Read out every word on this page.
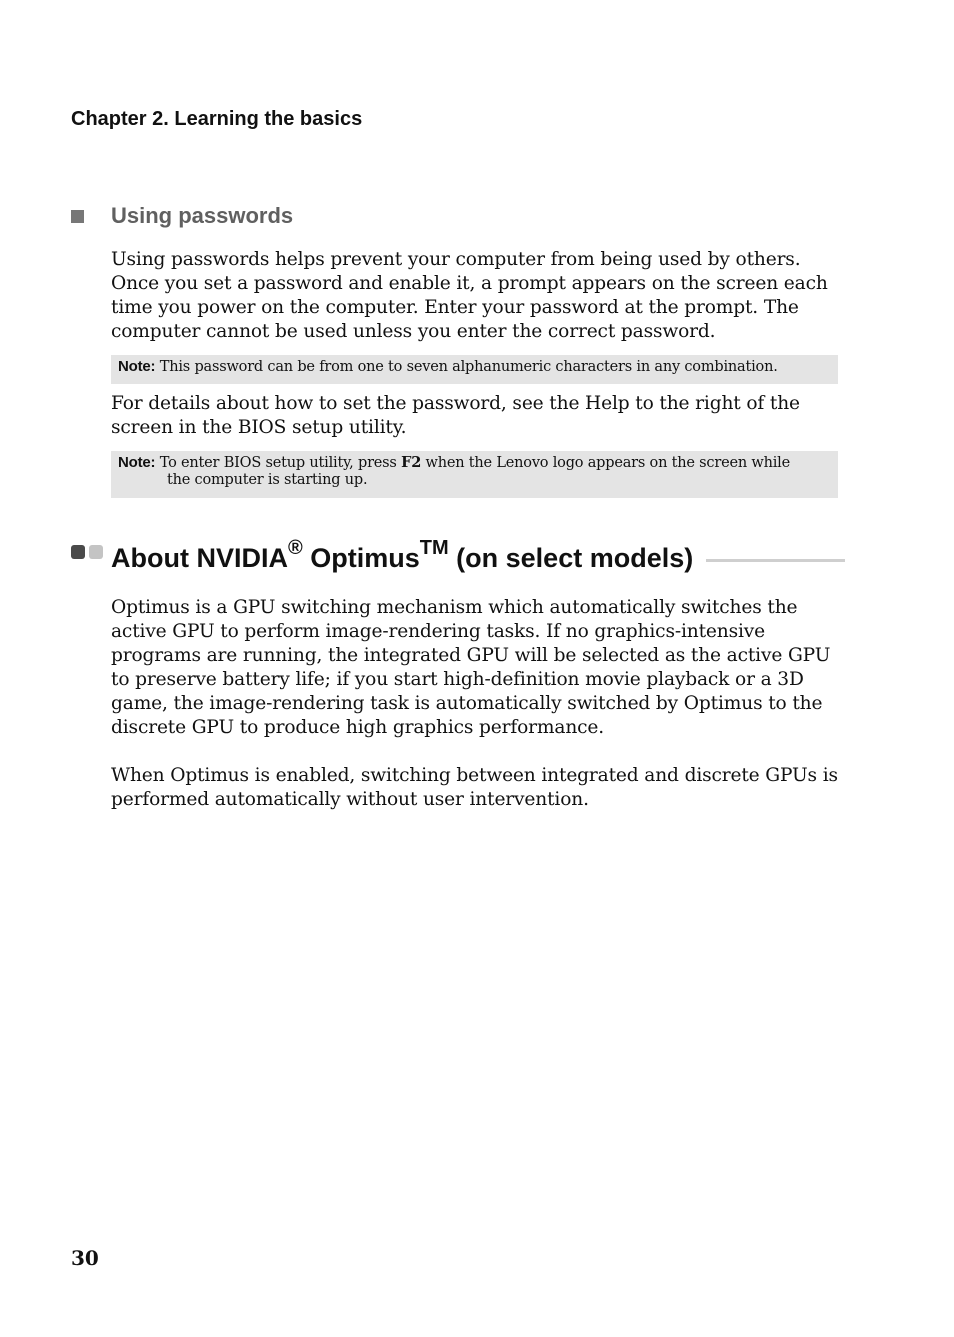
Chapter 2. Learning the basics
Using passwords

Using passwords helps prevent your computer from being used by others. Once you set a password and enable it, a prompt appears on the screen each time you power on the computer. Enter your password at the prompt. The computer cannot be used unless you enter the correct password.

Note: This password can be from one to seven alphanumeric characters in any combination.

For details about how to set the password, see the Help to the right of the screen in the BIOS setup utility.

Note: To enter BIOS setup utility, press F2 when the Lenovo logo appears on the screen while
the computer is starting up.
About NVIDIA® Optimus™ (on select models)

Optimus is a GPU switching mechanism which automatically switches the active GPU to perform image-rendering tasks. If no graphics-intensive programs are running, the integrated GPU will be selected as the active GPU to preserve battery life; if you start high-definition movie playback or a 3D game, the image-rendering task is automatically switched by Optimus to the discrete GPU to produce high graphics performance.

When Optimus is enabled, switching between integrated and discrete GPUs is performed automatically without user intervention.

30
